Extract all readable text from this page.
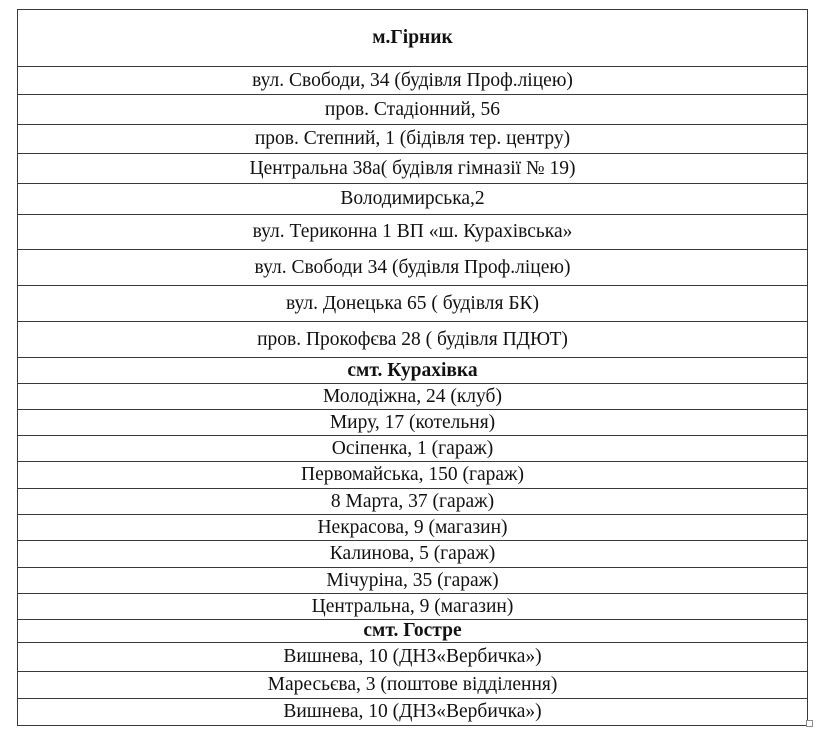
м.Гірник
вул. Свободи, 34 (будівля Проф.ліцею)
пров. Стадіонний, 56
пров. Степний, 1 (бідівля тер. центру)
Центральна 38а( будівля гімназії № 19)
Володимирська,2
вул. Териконна 1 ВП «ш. Курахівська»
вул. Свободи 34 (будівля Проф.ліцею)
вул. Донецька 65 ( будівля БК)
пров. Прокофєва 28 ( будівля ПДЮТ)
смт. Курахівка
Молодіжна, 24 (клуб)
Миру, 17 (котельня)
Осіпенка, 1 (гараж)
Первомайська, 150 (гараж)
8 Марта, 37 (гараж)
Некрасова, 9 (магазин)
Калинова, 5 (гараж)
Мічуріна, 35 (гараж)
Центральна, 9 (магазин)
смт. Гостре
Вишнева, 10 (ДНЗ«Вербичка»)
Маресьєва, 3 (поштове відділення)
Вишнева, 10 (ДНЗ«Вербичка»)
